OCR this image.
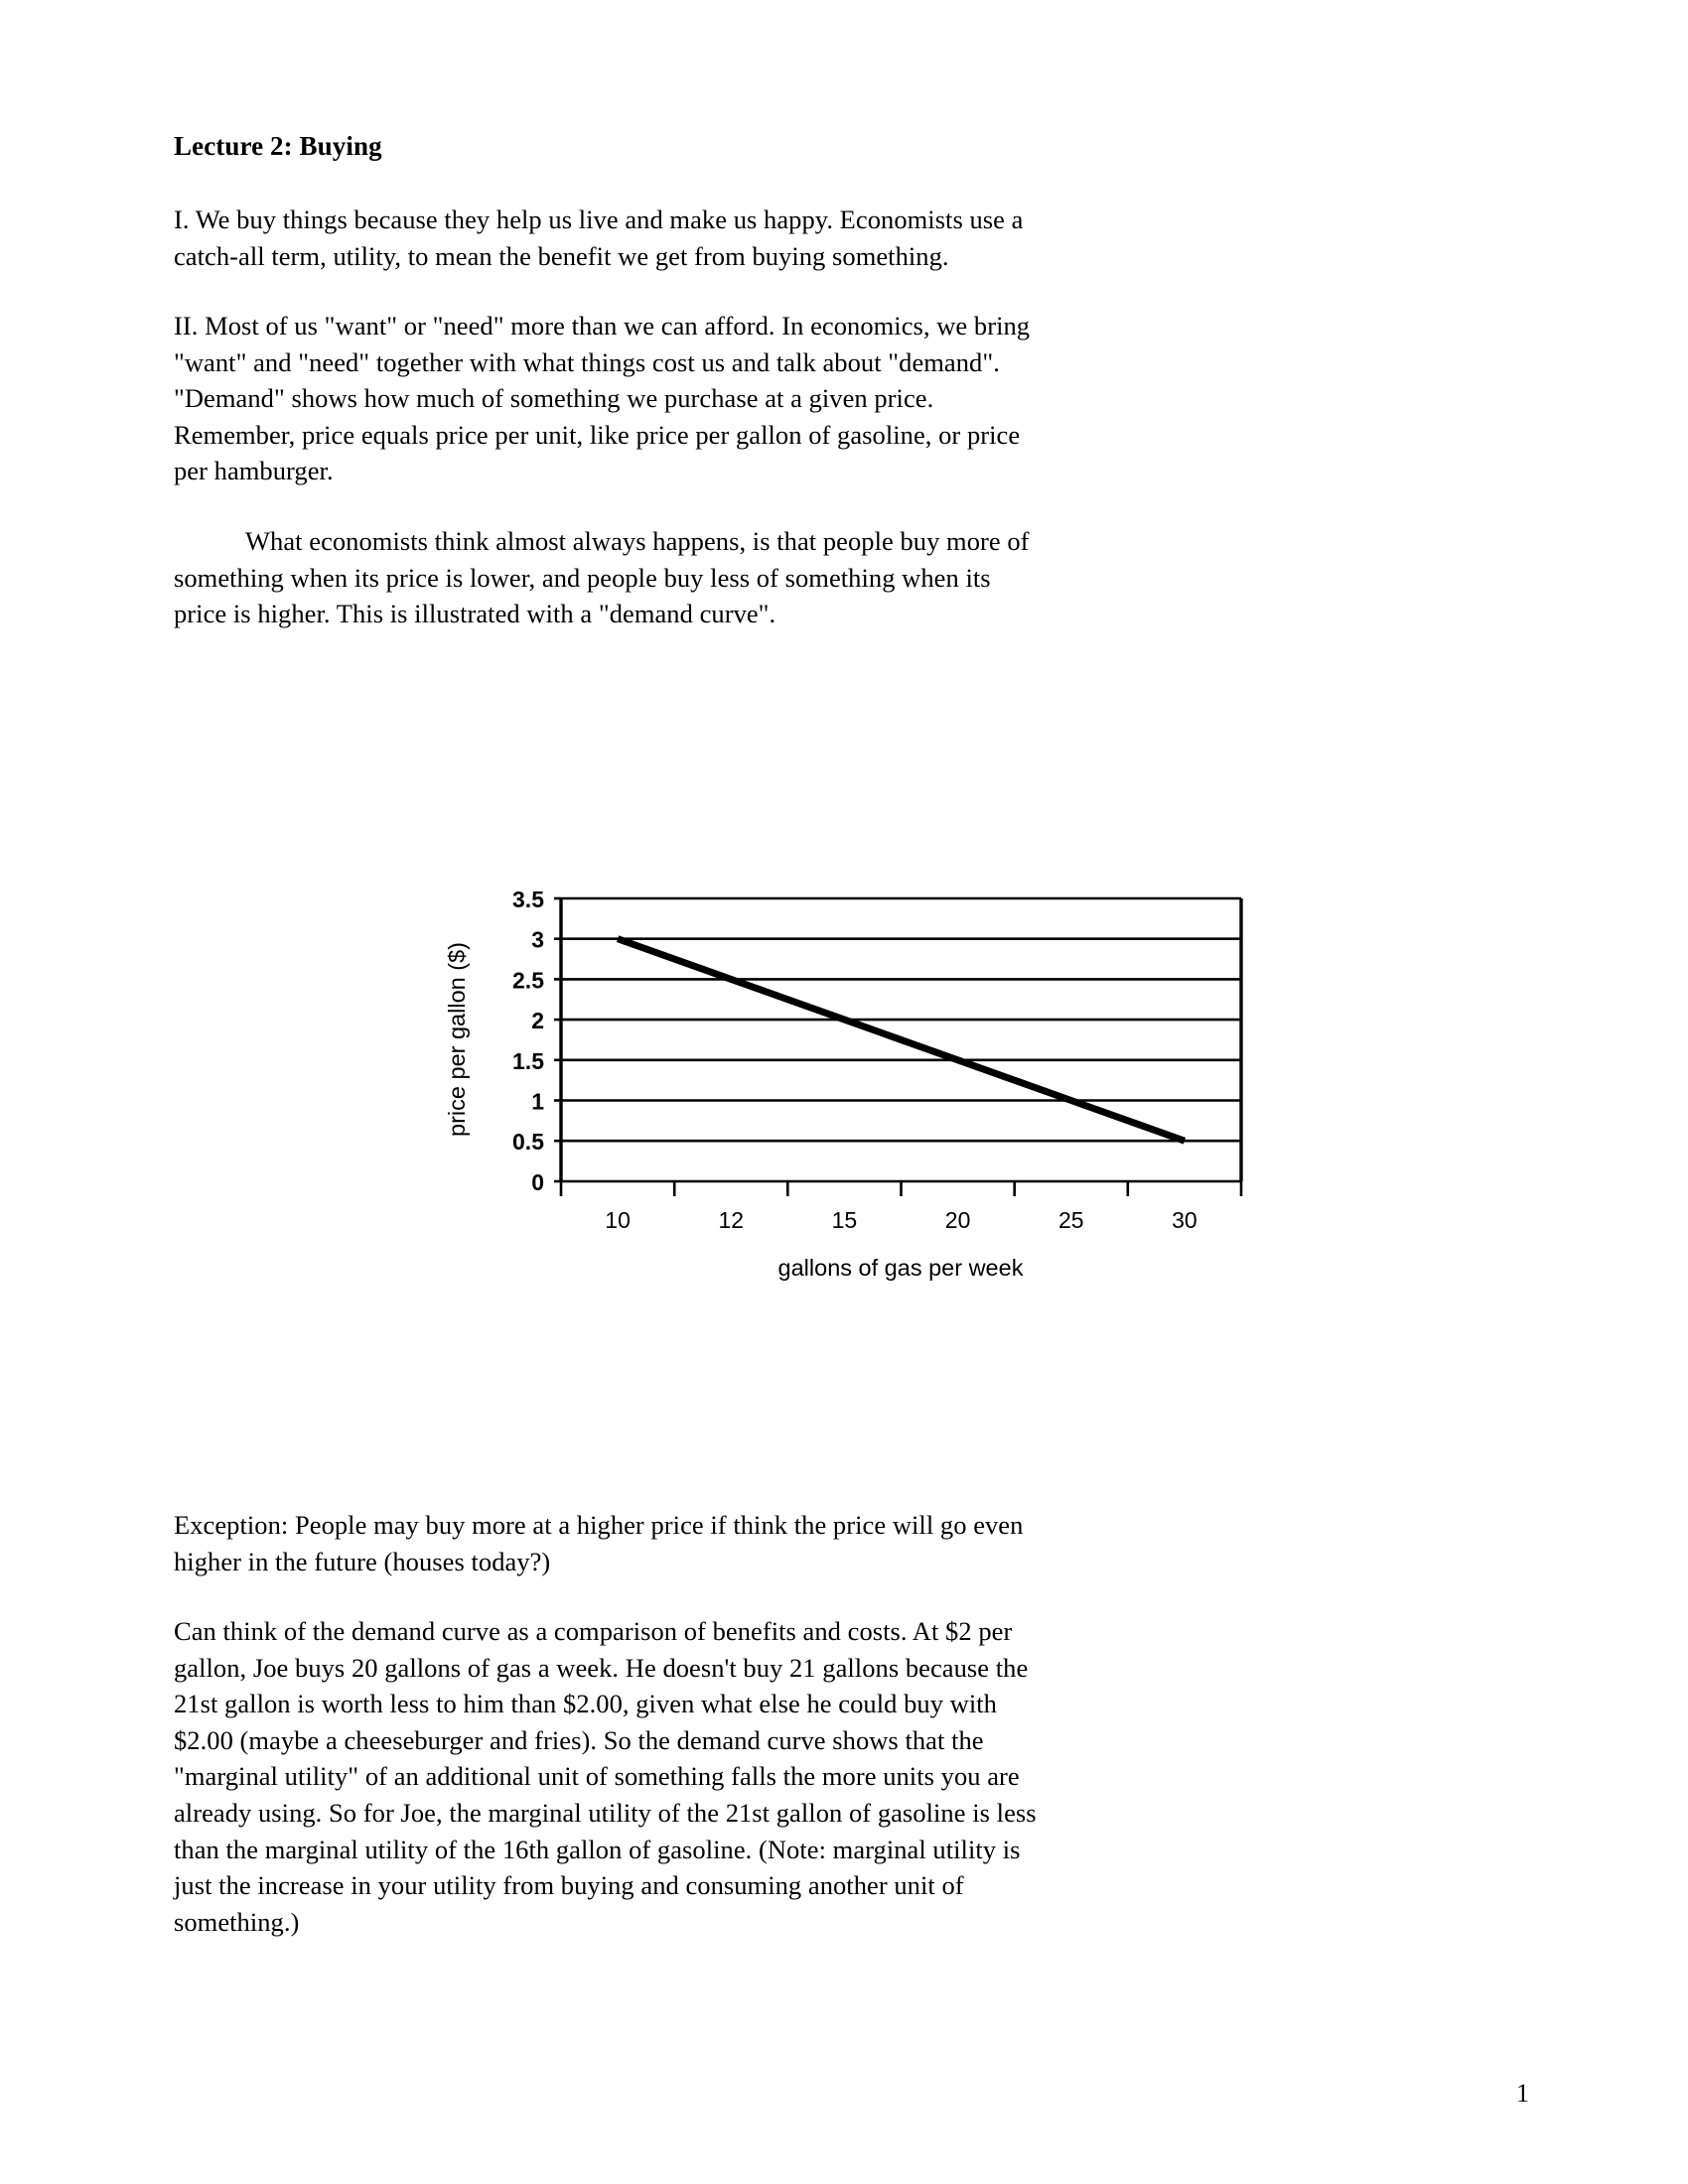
Lecture 2: Buying

I. We buy things because they help us live and make us happy. Economists use a catch-all term, utility, to mean the benefit we get from buying something.

II. Most of us "want" or "need" more than we can afford. In economics, we bring "want" and "need" together with what things cost us and talk about "demand". "Demand" shows how much of something we purchase at a given price. Remember, price equals price per unit, like price per gallon of gasoline, or price per hamburger.

What economists think almost always happens, is that people buy more of something when its price is lower, and people buy less of something when its price is higher. This is illustrated with a "demand curve".

3.5
3
2.5
2
1.5
1
0.5
0
10	12	15	20	25	30
price per gallon ($)
gallons of gas per week

Exception: People may buy more at a higher price if think the price will go even higher in the future (houses today?)

Can think of the demand curve as a comparison of benefits and costs. At $2 per gallon, Joe buys 20 gallons of gas a week. He doesn't buy 21 gallons because the 21st gallon is worth less to him than $2.00, given what else he could buy with $2.00 (maybe a cheeseburger and fries). So the demand curve shows that the "marginal utility" of an additional unit of something falls the more units you are already using. So for Joe, the marginal utility of the 21st gallon of gasoline is less than the marginal utility of the 16th gallon of gasoline. (Note: marginal utility is just the increase in your utility from buying and consuming another unit of something.)

1
